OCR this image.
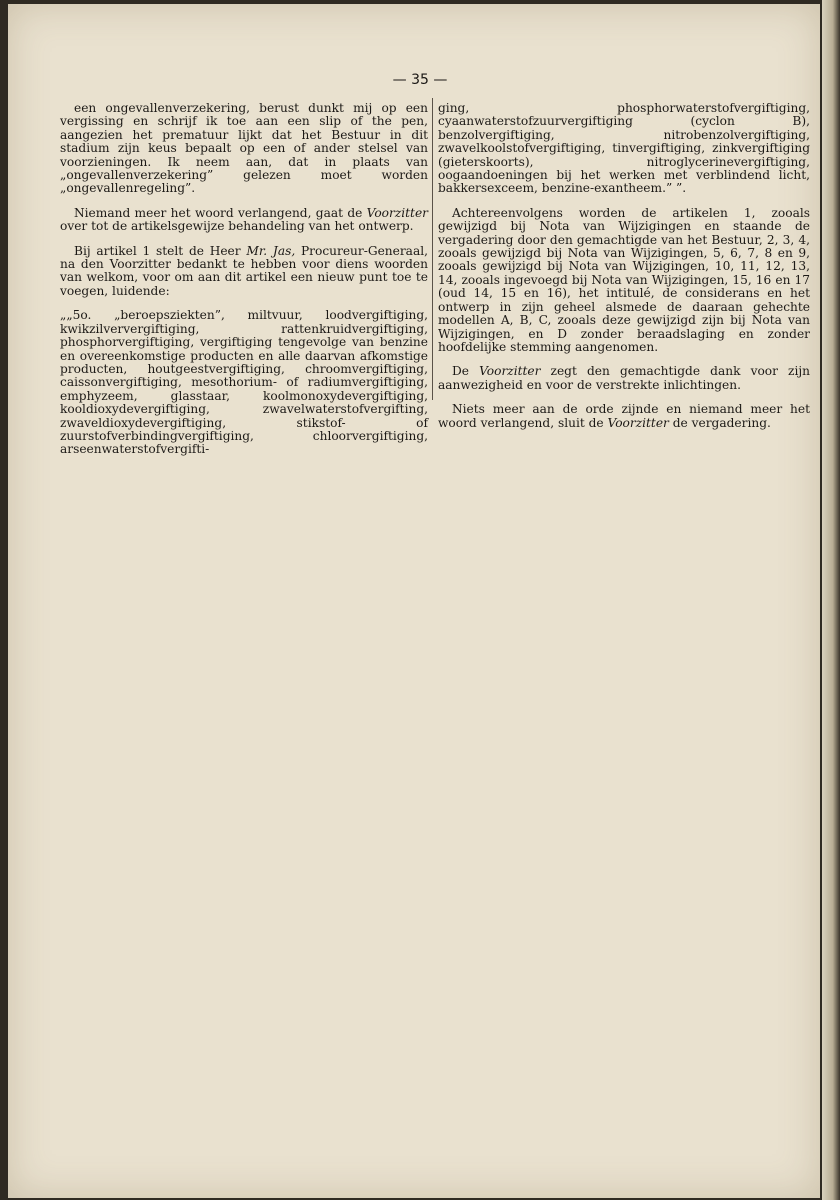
— 35 —

een ongevallenverzekering, berust dunkt mij op een vergissing en schrijf ik toe aan een slip of the pen, aangezien het prematuur lijkt dat het Bestuur in dit stadium zijn keus bepaalt op een of ander stelsel van voorzieningen. Ik neem aan, dat in plaats van „ongevallenverzekering” gelezen moet worden „ongevallenregeling”.

Niemand meer het woord verlangend, gaat de Voorzitter over tot de artikelsgewijze behandeling van het ontwerp.

Bij artikel 1 stelt de Heer Mr. Jas, Procureur-Generaal, na den Voorzitter bedankt te hebben voor diens woorden van welkom, voor om aan dit artikel een nieuw punt toe te voegen, luidende:

„„5o. „beroepsziekten”, miltvuur, loodvergiftiging, kwikzilververgiftiging, rattenkruidvergiftiging, phosphorvergiftiging, vergiftiging tengevolge van benzine en overeenkomstige producten en alle daarvan afkomstige producten, houtgeestvergiftiging, chroomvergiftiging, caissonvergiftiging, mesothorium- of radiumvergiftiging, emphyzeem, glasstaar, koolmonoxydevergiftiging, kooldioxydevergiftiging, zwavelwaterstofvergifting, zwaveldioxydevergiftiging, stikstof- of zuurstofverbindingvergiftiging, chloorvergiftiging, arseenwaterstofvergifti-

ging, phosphorwaterstofvergiftiging, cyaanwaterstofzuurvergiftiging (cyclon B), benzolvergiftiging, nitrobenzolvergiftiging, zwavelkoolstofvergiftiging, tinvergiftiging, zinkvergiftiging (gieterskoorts), nitroglycerinevergiftiging, oogaandoeningen bij het werken met verblindend licht, bakkersexceem, benzine-exantheem.” ”.

Achtereenvolgens worden de artikelen 1, zooals gewijzigd bij Nota van Wijzigingen en staande de vergadering door den gemachtigde van het Bestuur, 2, 3, 4, zooals gewijzigd bij Nota van Wijzigingen, 5, 6, 7, 8 en 9, zooals gewijzigd bij Nota van Wijzigingen, 10, 11, 12, 13, 14, zooals ingevoegd bij Nota van Wijzigingen, 15, 16 en 17 (oud 14, 15 en 16), het intitulé, de considerans en het ontwerp in zijn geheel alsmede de daaraan gehechte modellen A, B, C, zooals deze gewijzigd zijn bij Nota van Wijzigingen, en D zonder beraadslaging en zonder hoofdelijke stemming aangenomen.

De Voorzitter zegt den gemachtigde dank voor zijn aanwezigheid en voor de verstrekte inlichtingen.

Niets meer aan de orde zijnde en niemand meer het woord verlangend, sluit de Voorzitter de vergadering.
